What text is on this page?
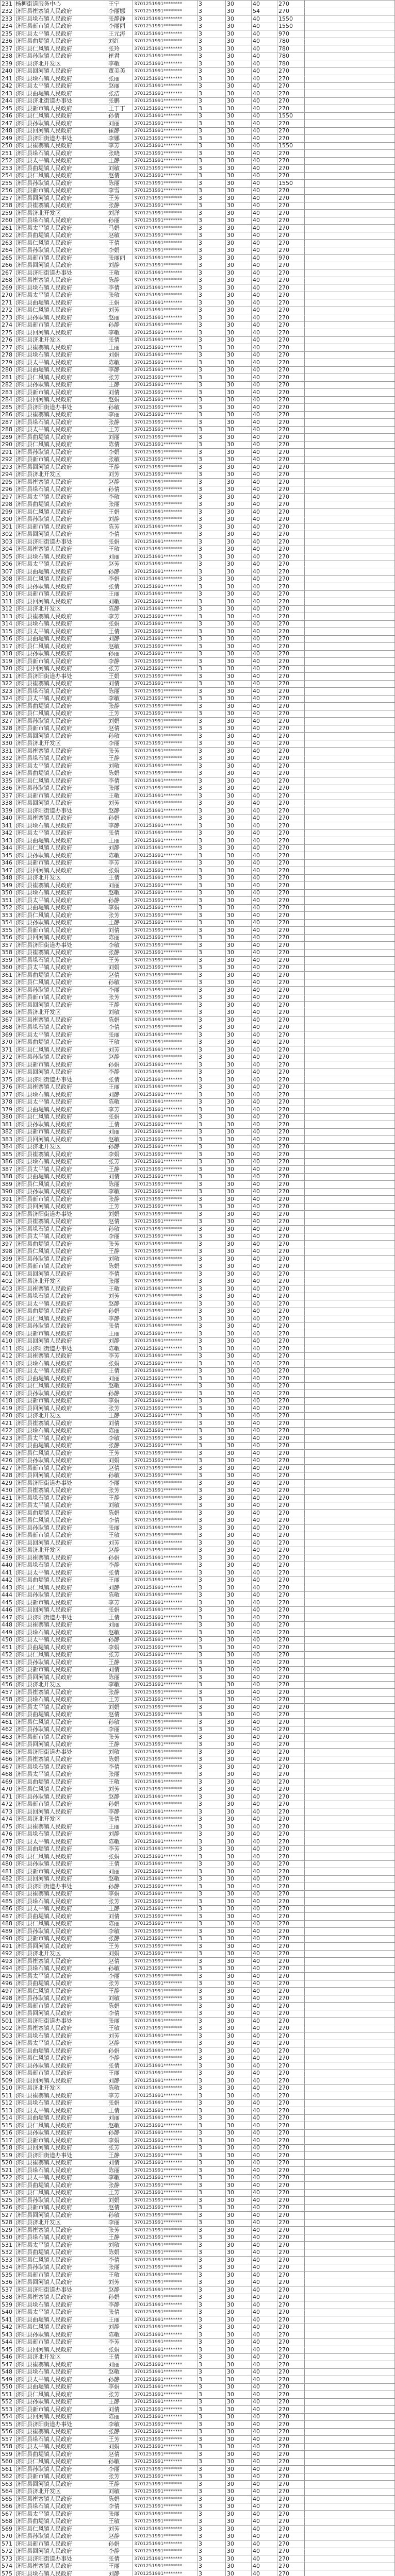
231	杨柳街道服务中心	王宁	3701251991********	3	30	40	270	
232	济阳县崔寨镇人民政府	李丽娜	3701251991********	3	30	54	270	
233	济阳县垛石镇人民政府	张静静	3701251991********	3	30	40	1550	
234	济阳县新市镇人民政府	李丽丽	3701251991********	3	30	40	1550	
235	济阳县太平镇人民政府	王元涛	3701251991********	3	30	40	970	
236	济阳县曲堤镇人民政府	刘红	3701251991********	3	30	40	780	
237	济阳县仁风镇人民政府	张玲	3701251991********	3	30	40	780	
238	济阳县孙耿镇人民政府	崔君	3701251991********	3	30	40	780	
239	济阳县济北开发区	李敏	3701251991********	3	30	40	780	
240	济阳县回河镇人民政府	董美美	3701251991********	3	30	40	270	
241	济阳县垛石镇人民政府	张丽	3701251991********	3	30	40	270	
242	济阳县太平镇人民政府	赵丽	3701251991********	3	30	40	270	
243	济阳县曲堤镇人民政府	张洁	3701251991********	3	30	40	270	
244	济阳县济北街道办事处	张鹏	3701251991********	3	30	40	270	
245	济阳县新市镇人民政府	王丁丁	3701251991********	3	30	40	270	
246	济阳县仁风镇人民政府	孙倩	3701251991********	3	30	40	1550	
247	济阳县孙耿镇人民政府	刘丽	3701251991********	3	30	40	270	
248	济阳县回河镇人民政府	崔静	3701251991********	3	30	40	270	
249	济阳县济阳街道办事处	李娜	3701251991********	3	30	40	270	
250	济阳县崔寨镇人民政府	李芳	3701251991********	3	30	40	1550	
251	济阳县垛石镇人民政府	张晓	3701251991********	3	30	40	270	
252	济阳县太平镇人民政府	王静	3701251991********	3	30	40	270	
253	济阳县曲堤镇人民政府	刘敏	3701251991********	3	30	40	270	
254	济阳县仁风镇人民政府	赵倩	3701251991********	3	30	40	270	
255	济阳县孙耿镇人民政府	陈丽	3701251991********	3	30	40	1550	
256	济阳县新市镇人民政府	李雪	3701251991********	3	30	40	270	
257	济阳县回河镇人民政府	王芳	3701251991********	3	30	40	270	
258	济阳县崔寨镇人民政府	张静	3701251991********	3	30	40	270	
259	济阳县济北开发区	刘洋	3701251991********	3	30	40	270	
260	济阳县垛石镇人民政府	孙丽	3701251991********	3	30	40	270	
261	济阳县太平镇人民政府	马娟	3701251991********	3	30	40	270	
262	济阳县曲堤镇人民政府	赵敏	3701251991********	3	30	40	270	
263	济阳县仁风镇人民政府	王倩	3701251991********	3	30	40	270	
264	济阳县孙耿镇人民政府	李娟	3701251991********	3	30	40	270	
265	济阳县新市镇人民政府	张丽丽	3701251991********	3	30	40	970	
266	济阳县回河镇人民政府	刘静	3701251991********	3	30	40	270	
267	济阳县济阳街道办事处	王敏	3701251991********	3	30	40	270	
268	济阳县崔寨镇人民政府	陈静	3701251991********	3	30	40	270	
269	济阳县垛石镇人民政府	李倩	3701251991********	3	30	40	270	
270	济阳县太平镇人民政府	张敏	3701251991********	3	30	40	270	
271	济阳县曲堤镇人民政府	王娟	3701251991********	3	30	40	270	
272	济阳县仁风镇人民政府	刘芳	3701251991********	3	30	40	270	
273	济阳县孙耿镇人民政府	赵丽	3701251991********	3	30	40	270	
274	济阳县新市镇人民政府	孙静	3701251991********	3	30	40	270	
275	济阳县回河镇人民政府	李敏	3701251991********	3	30	40	270	
276	济阳县济北开发区	张倩	3701251991********	3	30	40	270	
277	济阳县崔寨镇人民政府	王丽	3701251991********	3	30	40	270	
278	济阳县垛石镇人民政府	刘娟	3701251991********	3	30	40	270	
279	济阳县太平镇人民政府	陈敏	3701251991********	3	30	40	270	
280	济阳县曲堤镇人民政府	李静	3701251991********	3	30	40	270	
281	济阳县仁风镇人民政府	张芳	3701251991********	3	30	40	270	
282	济阳县孙耿镇人民政府	王静	3701251991********	3	30	40	270	
283	济阳县新市镇人民政府	刘倩	3701251991********	3	30	40	270	
284	济阳县回河镇人民政府	赵娟	3701251991********	3	30	40	270	
285	济阳县济阳街道办事处	孙敏	3701251991********	3	30	40	270	
286	济阳县崔寨镇人民政府	李丽	3701251991********	3	30	40	270	
287	济阳县垛石镇人民政府	张静	3701251991********	3	30	40	270	
288	济阳县太平镇人民政府	王芳	3701251991********	3	30	40	270	
289	济阳县曲堤镇人民政府	刘丽	3701251991********	3	30	40	270	
290	济阳县仁风镇人民政府	陈倩	3701251991********	3	30	40	270	
291	济阳县孙耿镇人民政府	李娟	3701251991********	3	30	40	270	
292	济阳县新市镇人民政府	张敏	3701251991********	3	30	40	270	
293	济阳县回河镇人民政府	王静	3701251991********	3	30	40	270	
294	济阳县济北开发区	刘芳	3701251991********	3	30	40	270	
295	济阳县崔寨镇人民政府	赵静	3701251991********	3	30	40	270	
296	济阳县垛石镇人民政府	孙倩	3701251991********	3	30	40	270	
297	济阳县太平镇人民政府	李敏	3701251991********	3	30	40	270	
298	济阳县曲堤镇人民政府	张丽	3701251991********	3	30	40	270	
299	济阳县仁风镇人民政府	王娟	3701251991********	3	30	40	270	
300	济阳县孙耿镇人民政府	刘静	3701251991********	3	30	40	270	
301	济阳县新市镇人民政府	陈芳	3701251991********	3	30	40	270	
302	济阳县回河镇人民政府	李倩	3701251991********	3	30	40	270	
303	济阳县济阳街道办事处	张娟	3701251991********	3	30	40	270	
304	济阳县崔寨镇人民政府	王敏	3701251991********	3	30	40	270	
305	济阳县垛石镇人民政府	刘丽	3701251991********	3	30	40	270	
306	济阳县太平镇人民政府	赵芳	3701251991********	3	30	40	270	
307	济阳县曲堤镇人民政府	孙静	3701251991********	3	30	40	270	
308	济阳县仁风镇人民政府	李娟	3701251991********	3	30	40	270	
309	济阳县孙耿镇人民政府	张倩	3701251991********	3	30	40	270	
310	济阳县新市镇人民政府	王丽	3701251991********	3	30	40	270	
311	济阳县回河镇人民政府	刘敏	3701251991********	3	30	40	270	
312	济阳县济北开发区	陈静	3701251991********	3	30	40	270	
313	济阳县崔寨镇人民政府	李芳	3701251991********	3	30	40	270	
314	济阳县垛石镇人民政府	张娟	3701251991********	3	30	40	270	
315	济阳县太平镇人民政府	王倩	3701251991********	3	30	40	270	
316	济阳县曲堤镇人民政府	刘静	3701251991********	3	30	40	270	
317	济阳县仁风镇人民政府	赵敏	3701251991********	3	30	40	270	
318	济阳县孙耿镇人民政府	孙丽	3701251991********	3	30	40	270	
319	济阳县新市镇人民政府	李静	3701251991********	3	30	40	270	
320	济阳县回河镇人民政府	张芳	3701251991********	3	30	40	270	
321	济阳县济阳街道办事处	王娟	3701251991********	3	30	40	270	
322	济阳县崔寨镇人民政府	刘倩	3701251991********	3	30	40	270	
323	济阳县垛石镇人民政府	陈丽	3701251991********	3	30	40	270	
324	济阳县太平镇人民政府	李敏	3701251991********	3	30	40	270	
325	济阳县曲堤镇人民政府	张静	3701251991********	3	30	40	270	
326	济阳县仁风镇人民政府	王芳	3701251991********	3	30	40	270	
327	济阳县孙耿镇人民政府	刘娟	3701251991********	3	30	40	270	
328	济阳县新市镇人民政府	赵倩	3701251991********	3	30	40	270	
329	济阳县回河镇人民政府	孙敏	3701251991********	3	30	40	270	
330	济阳县济北开发区	李丽	3701251991********	3	30	40	270	
331	济阳县崔寨镇人民政府	张芳	3701251991********	3	30	40	270	
332	济阳县垛石镇人民政府	王静	3701251991********	3	30	40	270	
333	济阳县太平镇人民政府	刘敏	3701251991********	3	30	40	270	
334	济阳县曲堤镇人民政府	陈娟	3701251991********	3	30	40	270	
335	济阳县仁风镇人民政府	李倩	3701251991********	3	30	40	270	
336	济阳县孙耿镇人民政府	张丽	3701251991********	3	30	40	270	
337	济阳县新市镇人民政府	王敏	3701251991********	3	30	40	270	
338	济阳县回河镇人民政府	刘芳	3701251991********	3	30	40	270	
339	济阳县济阳街道办事处	赵静	3701251991********	3	30	40	270	
340	济阳县崔寨镇人民政府	孙娟	3701251991********	3	30	40	270	
341	济阳县垛石镇人民政府	李静	3701251991********	3	30	40	270	
342	济阳县太平镇人民政府	张倩	3701251991********	3	30	40	270	
343	济阳县曲堤镇人民政府	王丽	3701251991********	3	30	40	270	
344	济阳县仁风镇人民政府	刘静	3701251991********	3	30	40	270	
345	济阳县孙耿镇人民政府	陈敏	3701251991********	3	30	40	270	
346	济阳县新市镇人民政府	李芳	3701251991********	3	30	40	270	
347	济阳县回河镇人民政府	张娟	3701251991********	3	30	40	270	
348	济阳县济北开发区	王倩	3701251991********	3	30	40	270	
349	济阳县崔寨镇人民政府	刘丽	3701251991********	3	30	40	270	
350	济阳县垛石镇人民政府	赵敏	3701251991********	3	30	40	270	
351	济阳县太平镇人民政府	孙静	3701251991********	3	30	40	270	
352	济阳县曲堤镇人民政府	李娟	3701251991********	3	30	40	270	
353	济阳县仁风镇人民政府	张芳	3701251991********	3	30	40	270	
354	济阳县孙耿镇人民政府	王静	3701251991********	3	30	40	270	
355	济阳县新市镇人民政府	刘倩	3701251991********	3	30	40	270	
356	济阳县回河镇人民政府	陈丽	3701251991********	3	30	40	270	
357	济阳县济阳街道办事处	李敏	3701251991********	3	30	40	270	
358	济阳县崔寨镇人民政府	张静	3701251991********	3	30	40	270	
359	济阳县垛石镇人民政府	王芳	3701251991********	3	30	40	270	
360	济阳县太平镇人民政府	刘娟	3701251991********	3	30	40	270	
361	济阳县曲堤镇人民政府	赵倩	3701251991********	3	30	40	270	
362	济阳县仁风镇人民政府	孙敏	3701251991********	3	30	40	270	
363	济阳县孙耿镇人民政府	李丽	3701251991********	3	30	40	270	
364	济阳县新市镇人民政府	张芳	3701251991********	3	30	40	270	
365	济阳县回河镇人民政府	王静	3701251991********	3	30	40	270	
366	济阳县济北开发区	刘敏	3701251991********	3	30	40	270	
367	济阳县崔寨镇人民政府	陈娟	3701251991********	3	30	40	270	
368	济阳县垛石镇人民政府	李倩	3701251991********	3	30	40	270	
369	济阳县太平镇人民政府	张丽	3701251991********	3	30	40	270	
370	济阳县曲堤镇人民政府	王敏	3701251991********	3	30	40	270	
371	济阳县仁风镇人民政府	刘芳	3701251991********	3	30	40	270	
372	济阳县孙耿镇人民政府	赵静	3701251991********	3	30	40	270	
373	济阳县新市镇人民政府	孙娟	3701251991********	3	30	40	270	
374	济阳县回河镇人民政府	李静	3701251991********	3	30	40	270	
375	济阳县济阳街道办事处	张倩	3701251991********	3	30	40	270	
376	济阳县崔寨镇人民政府	王丽	3701251991********	3	30	40	270	
377	济阳县垛石镇人民政府	刘静	3701251991********	3	30	40	270	
378	济阳县太平镇人民政府	陈敏	3701251991********	3	30	40	270	
379	济阳县曲堤镇人民政府	李芳	3701251991********	3	30	40	270	
380	济阳县仁风镇人民政府	张娟	3701251991********	3	30	40	270	
381	济阳县孙耿镇人民政府	王倩	3701251991********	3	30	40	270	
382	济阳县新市镇人民政府	刘丽	3701251991********	3	30	40	270	
383	济阳县回河镇人民政府	赵敏	3701251991********	3	30	40	270	
384	济阳县济北开发区	孙静	3701251991********	3	30	40	270	
385	济阳县崔寨镇人民政府	李娟	3701251991********	3	30	40	270	
386	济阳县垛石镇人民政府	张芳	3701251991********	3	30	40	270	
387	济阳县太平镇人民政府	王静	3701251991********	3	30	40	270	
388	济阳县曲堤镇人民政府	刘倩	3701251991********	3	30	40	270	
389	济阳县仁风镇人民政府	陈丽	3701251991********	3	30	40	270	
390	济阳县孙耿镇人民政府	李敏	3701251991********	3	30	40	270	
391	济阳县新市镇人民政府	张静	3701251991********	3	30	40	270	
392	济阳县回河镇人民政府	王芳	3701251991********	3	30	40	270	
393	济阳县济阳街道办事处	刘娟	3701251991********	3	30	40	270	
394	济阳县崔寨镇人民政府	赵倩	3701251991********	3	30	40	270	
395	济阳县垛石镇人民政府	孙敏	3701251991********	3	30	40	270	
396	济阳县太平镇人民政府	李丽	3701251991********	3	30	40	270	
397	济阳县曲堤镇人民政府	张芳	3701251991********	3	30	40	270	
398	济阳县仁风镇人民政府	王静	3701251991********	3	30	40	270	
399	济阳县孙耿镇人民政府	刘敏	3701251991********	3	30	40	270	
400	济阳县新市镇人民政府	陈娟	3701251991********	3	30	40	270	
401	济阳县回河镇人民政府	李倩	3701251991********	3	30	40	270	
402	济阳县济北开发区	张丽	3701251991********	3	30	40	270	
403	济阳县崔寨镇人民政府	王敏	3701251991********	3	30	40	270	
404	济阳县垛石镇人民政府	刘芳	3701251991********	3	30	40	270	
405	济阳县太平镇人民政府	赵静	3701251991********	3	30	40	270	
406	济阳县曲堤镇人民政府	孙娟	3701251991********	3	30	40	270	
407	济阳县仁风镇人民政府	李静	3701251991********	3	30	40	270	
408	济阳县孙耿镇人民政府	张倩	3701251991********	3	30	40	270	
409	济阳县新市镇人民政府	王丽	3701251991********	3	30	40	270	
410	济阳县回河镇人民政府	刘静	3701251991********	3	30	40	270	
411	济阳县济阳街道办事处	陈敏	3701251991********	3	30	40	270	
412	济阳县崔寨镇人民政府	李芳	3701251991********	3	30	40	270	
413	济阳县垛石镇人民政府	张娟	3701251991********	3	30	40	270	
414	济阳县太平镇人民政府	王倩	3701251991********	3	30	40	270	
415	济阳县曲堤镇人民政府	刘丽	3701251991********	3	30	40	270	
416	济阳县仁风镇人民政府	赵敏	3701251991********	3	30	40	270	
417	济阳县孙耿镇人民政府	孙静	3701251991********	3	30	40	270	
418	济阳县新市镇人民政府	李娟	3701251991********	3	30	40	270	
419	济阳县回河镇人民政府	张芳	3701251991********	3	30	40	270	
420	济阳县济北开发区	王静	3701251991********	3	30	40	270	
421	济阳县崔寨镇人民政府	刘倩	3701251991********	3	30	40	270	
422	济阳县垛石镇人民政府	陈丽	3701251991********	3	30	40	270	
423	济阳县太平镇人民政府	李敏	3701251991********	3	30	40	270	
424	济阳县曲堤镇人民政府	张静	3701251991********	3	30	40	270	
425	济阳县仁风镇人民政府	王芳	3701251991********	3	30	40	270	
426	济阳县孙耿镇人民政府	刘娟	3701251991********	3	30	40	270	
427	济阳县新市镇人民政府	赵倩	3701251991********	3	30	40	270	
428	济阳县回河镇人民政府	孙敏	3701251991********	3	30	40	270	
429	济阳县济阳街道办事处	李丽	3701251991********	3	30	40	270	
430	济阳县崔寨镇人民政府	张芳	3701251991********	3	30	40	270	
431	济阳县垛石镇人民政府	王静	3701251991********	3	30	40	270	
432	济阳县太平镇人民政府	刘敏	3701251991********	3	30	40	270	
433	济阳县曲堤镇人民政府	陈娟	3701251991********	3	30	40	270	
434	济阳县仁风镇人民政府	李倩	3701251991********	3	30	40	270	
435	济阳县孙耿镇人民政府	张丽	3701251991********	3	30	40	270	
436	济阳县新市镇人民政府	王敏	3701251991********	3	30	40	270	
437	济阳县回河镇人民政府	刘芳	3701251991********	3	30	40	270	
438	济阳县济北开发区	赵静	3701251991********	3	30	40	270	
439	济阳县崔寨镇人民政府	孙娟	3701251991********	3	30	40	270	
440	济阳县垛石镇人民政府	李静	3701251991********	3	30	40	270	
441	济阳县太平镇人民政府	张倩	3701251991********	3	30	40	270	
442	济阳县曲堤镇人民政府	王丽	3701251991********	3	30	40	270	
443	济阳县仁风镇人民政府	刘静	3701251991********	3	30	40	270	
444	济阳县孙耿镇人民政府	陈敏	3701251991********	3	30	40	270	
445	济阳县新市镇人民政府	李芳	3701251991********	3	30	40	270	
446	济阳县回河镇人民政府	张娟	3701251991********	3	30	40	270	
447	济阳县济阳街道办事处	王倩	3701251991********	3	30	40	270	
448	济阳县崔寨镇人民政府	刘丽	3701251991********	3	30	40	270	
449	济阳县垛石镇人民政府	赵敏	3701251991********	3	30	40	270	
450	济阳县太平镇人民政府	孙静	3701251991********	3	30	40	270	
451	济阳县曲堤镇人民政府	李娟	3701251991********	3	30	40	270	
452	济阳县仁风镇人民政府	张芳	3701251991********	3	30	40	270	
453	济阳县孙耿镇人民政府	王静	3701251991********	3	30	40	270	
454	济阳县新市镇人民政府	刘倩	3701251991********	3	30	40	270	
455	济阳县回河镇人民政府	陈丽	3701251991********	3	30	40	270	
456	济阳县济北开发区	李敏	3701251991********	3	30	40	270	
457	济阳县崔寨镇人民政府	张静	3701251991********	3	30	40	270	
458	济阳县垛石镇人民政府	王芳	3701251991********	3	30	40	270	
459	济阳县太平镇人民政府	刘娟	3701251991********	3	30	40	270	
460	济阳县曲堤镇人民政府	赵倩	3701251991********	3	30	40	270	
461	济阳县仁风镇人民政府	孙敏	3701251991********	3	30	40	270	
462	济阳县孙耿镇人民政府	李丽	3701251991********	3	30	40	270	
463	济阳县新市镇人民政府	张芳	3701251991********	3	30	40	270	
464	济阳县回河镇人民政府	王静	3701251991********	3	30	40	270	
465	济阳县济阳街道办事处	刘敏	3701251991********	3	30	40	270	
466	济阳县崔寨镇人民政府	陈娟	3701251991********	3	30	40	270	
467	济阳县垛石镇人民政府	李倩	3701251991********	3	30	40	270	
468	济阳县太平镇人民政府	张丽	3701251991********	3	30	40	270	
469	济阳县曲堤镇人民政府	王敏	3701251991********	3	30	40	270	
470	济阳县仁风镇人民政府	刘芳	3701251991********	3	30	40	270	
471	济阳县孙耿镇人民政府	赵静	3701251991********	3	30	40	270	
472	济阳县新市镇人民政府	孙娟	3701251991********	3	30	40	270	
473	济阳县回河镇人民政府	李静	3701251991********	3	30	40	270	
474	济阳县济北开发区	张倩	3701251991********	3	30	40	270	
475	济阳县崔寨镇人民政府	王丽	3701251991********	3	30	40	270	
476	济阳县垛石镇人民政府	刘静	3701251991********	3	30	40	270	
477	济阳县太平镇人民政府	陈敏	3701251991********	3	30	40	270	
478	济阳县曲堤镇人民政府	李芳	3701251991********	3	30	40	270	
479	济阳县仁风镇人民政府	张娟	3701251991********	3	30	40	270	
480	济阳县孙耿镇人民政府	王倩	3701251991********	3	30	40	270	
481	济阳县新市镇人民政府	刘丽	3701251991********	3	30	40	270	
482	济阳县回河镇人民政府	赵敏	3701251991********	3	30	40	270	
483	济阳县济阳街道办事处	孙静	3701251991********	3	30	40	270	
484	济阳县崔寨镇人民政府	李娟	3701251991********	3	30	40	270	
485	济阳县垛石镇人民政府	张芳	3701251991********	3	30	40	270	
486	济阳县太平镇人民政府	王静	3701251991********	3	30	40	270	
487	济阳县曲堤镇人民政府	刘倩	3701251991********	3	30	40	270	
488	济阳县仁风镇人民政府	陈丽	3701251991********	3	30	40	270	
489	济阳县孙耿镇人民政府	李敏	3701251991********	3	30	40	270	
490	济阳县新市镇人民政府	张静	3701251991********	3	30	40	270	
491	济阳县回河镇人民政府	王芳	3701251991********	3	30	40	270	
492	济阳县济北开发区	刘娟	3701251991********	3	30	40	270	
493	济阳县崔寨镇人民政府	赵倩	3701251991********	3	30	40	270	
494	济阳县垛石镇人民政府	孙敏	3701251991********	3	30	40	270	
495	济阳县太平镇人民政府	李丽	3701251991********	3	30	40	270	
496	济阳县曲堤镇人民政府	张芳	3701251991********	3	30	40	270	
497	济阳县仁风镇人民政府	王静	3701251991********	3	30	40	270	
498	济阳县孙耿镇人民政府	刘敏	3701251991********	3	30	40	270	
499	济阳县新市镇人民政府	陈娟	3701251991********	3	30	40	270	
500	济阳县回河镇人民政府	李倩	3701251991********	3	30	40	270	
501	济阳县济阳街道办事处	张丽	3701251991********	3	30	40	270	
502	济阳县崔寨镇人民政府	王敏	3701251991********	3	30	40	270	
503	济阳县垛石镇人民政府	刘芳	3701251991********	3	30	40	270	
504	济阳县太平镇人民政府	赵静	3701251991********	3	30	40	270	
505	济阳县曲堤镇人民政府	孙娟	3701251991********	3	30	40	270	
506	济阳县仁风镇人民政府	李静	3701251991********	3	30	40	270	
507	济阳县孙耿镇人民政府	张倩	3701251991********	3	30	40	270	
508	济阳县新市镇人民政府	王丽	3701251991********	3	30	40	270	
509	济阳县回河镇人民政府	刘静	3701251991********	3	30	40	270	
510	济阳县济北开发区	陈敏	3701251991********	3	30	40	270	
511	济阳县崔寨镇人民政府	李芳	3701251991********	3	30	40	270	
512	济阳县垛石镇人民政府	张娟	3701251991********	3	30	40	270	
513	济阳县太平镇人民政府	王倩	3701251991********	3	30	40	270	
514	济阳县曲堤镇人民政府	刘丽	3701251991********	3	30	40	270	
515	济阳县仁风镇人民政府	赵敏	3701251991********	3	30	40	270	
516	济阳县孙耿镇人民政府	孙静	3701251991********	3	30	40	270	
517	济阳县新市镇人民政府	李娟	3701251991********	3	30	40	270	
518	济阳县回河镇人民政府	张芳	3701251991********	3	30	40	270	
519	济阳县济阳街道办事处	王静	3701251991********	3	30	40	270	
520	济阳县崔寨镇人民政府	刘倩	3701251991********	3	30	40	270	
521	济阳县垛石镇人民政府	陈丽	3701251991********	3	30	40	270	
522	济阳县太平镇人民政府	李敏	3701251991********	3	30	40	270	
523	济阳县曲堤镇人民政府	张静	3701251991********	3	30	40	270	
524	济阳县仁风镇人民政府	王芳	3701251991********	3	30	40	270	
525	济阳县孙耿镇人民政府	刘娟	3701251991********	3	30	40	270	
526	济阳县新市镇人民政府	赵倩	3701251991********	3	30	40	270	
527	济阳县回河镇人民政府	孙敏	3701251991********	3	30	40	270	
528	济阳县济北开发区	李丽	3701251991********	3	30	40	270	
529	济阳县崔寨镇人民政府	张芳	3701251991********	3	30	40	270	
530	济阳县垛石镇人民政府	王静	3701251991********	3	30	40	270	
531	济阳县太平镇人民政府	刘敏	3701251991********	3	30	40	270	
532	济阳县曲堤镇人民政府	陈娟	3701251991********	3	30	40	270	
533	济阳县仁风镇人民政府	李倩	3701251991********	3	30	40	270	
534	济阳县孙耿镇人民政府	张丽	3701251991********	3	30	40	270	
535	济阳县新市镇人民政府	王敏	3701251991********	3	30	40	270	
536	济阳县回河镇人民政府	刘芳	3701251991********	3	30	40	270	
537	济阳县济阳街道办事处	赵静	3701251991********	3	30	40	270	
538	济阳县崔寨镇人民政府	孙娟	3701251991********	3	30	40	270	
539	济阳县垛石镇人民政府	李静	3701251991********	3	30	40	270	
540	济阳县太平镇人民政府	张倩	3701251991********	3	30	40	270	
541	济阳县曲堤镇人民政府	王丽	3701251991********	3	30	40	270	
542	济阳县仁风镇人民政府	刘静	3701251991********	3	30	40	270	
543	济阳县孙耿镇人民政府	陈敏	3701251991********	3	30	40	270	
544	济阳县新市镇人民政府	李芳	3701251991********	3	30	40	270	
545	济阳县回河镇人民政府	张娟	3701251991********	3	30	40	270	
546	济阳县济北开发区	王倩	3701251991********	3	30	40	270	
547	济阳县崔寨镇人民政府	刘丽	3701251991********	3	30	40	270	
548	济阳县垛石镇人民政府	赵敏	3701251991********	3	30	40	270	
549	济阳县太平镇人民政府	孙静	3701251991********	3	30	40	270	
550	济阳县曲堤镇人民政府	李娟	3701251991********	3	30	40	270	
551	济阳县仁风镇人民政府	张芳	3701251991********	3	30	40	270	
552	济阳县孙耿镇人民政府	王静	3701251991********	3	30	40	270	
553	济阳县新市镇人民政府	刘倩	3701251991********	3	30	40	270	
554	济阳县回河镇人民政府	陈丽	3701251991********	3	30	40	270	
555	济阳县济阳街道办事处	李敏	3701251991********	3	30	40	270	
556	济阳县崔寨镇人民政府	张静	3701251991********	3	30	40	270	
557	济阳县垛石镇人民政府	王芳	3701251991********	3	30	40	270	
558	济阳县太平镇人民政府	刘娟	3701251991********	3	30	40	270	
559	济阳县曲堤镇人民政府	赵倩	3701251991********	3	30	40	270	
560	济阳县仁风镇人民政府	孙敏	3701251991********	3	30	40	270	
561	济阳县孙耿镇人民政府	李丽	3701251991********	3	30	40	270	
562	济阳县新市镇人民政府	张芳	3701251991********	3	30	40	270	
563	济阳县回河镇人民政府	王静	3701251991********	3	30	40	270	
564	济阳县济北开发区	刘敏	3701251991********	3	30	40	270	
565	济阳县崔寨镇人民政府	陈娟	3701251991********	3	30	40	270	
566	济阳县垛石镇人民政府	李倩	3701251991********	3	30	40	270	
567	济阳县太平镇人民政府	张丽	3701251991********	3	30	40	270	
568	济阳县曲堤镇人民政府	王敏	3701251991********	3	30	40	270	
569	济阳县仁风镇人民政府	刘芳	3701251991********	3	30	40	270	
570	济阳县孙耿镇人民政府	赵静	3701251991********	3	30	40	270	
571	济阳县新市镇人民政府	孙娟	3701251991********	3	30	40	270	
572	济阳县回河镇人民政府	李静	3701251991********	3	30	40	270	
573	济阳县济阳街道办事处	张倩	3701251991********	3	30	40	270	
574	济阳县崔寨镇人民政府	王丽	3701251991********	3	30	40	270	
575	济阳县垛石镇人民政府	刘静	3701251991********	3	30	40	270	
